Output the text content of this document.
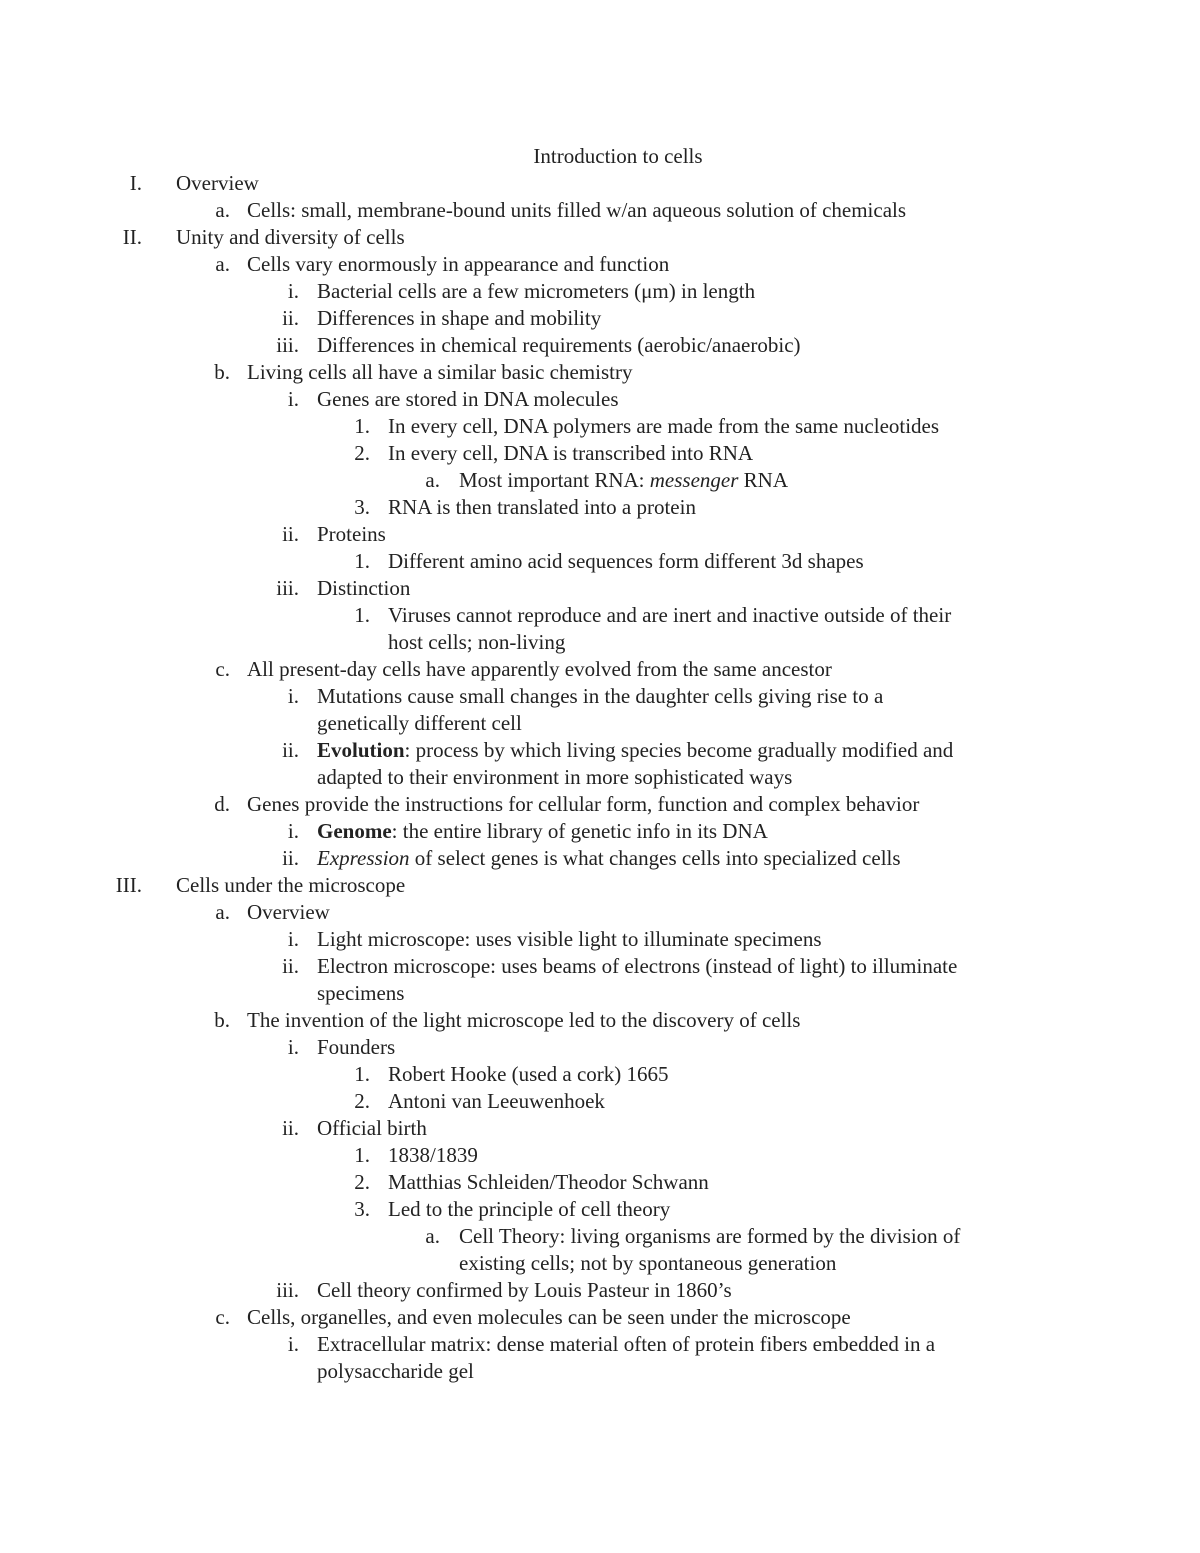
Introduction to cells
I. Overview
a. Cells: small, membrane-bound units filled w/an aqueous solution of chemicals
II. Unity and diversity of cells
a. Cells vary enormously in appearance and function
i. Bacterial cells are a few micrometers (μm) in length
ii. Differences in shape and mobility
iii. Differences in chemical requirements (aerobic/anaerobic)
b. Living cells all have a similar basic chemistry
i. Genes are stored in DNA molecules
1. In every cell, DNA polymers are made from the same nucleotides
2. In every cell, DNA is transcribed into RNA
a. Most important RNA: messenger RNA
3. RNA is then translated into a protein
ii. Proteins
1. Different amino acid sequences form different 3d shapes
iii. Distinction
1. Viruses cannot reproduce and are inert and inactive outside of their
host cells; non-living
c. All present-day cells have apparently evolved from the same ancestor
i. Mutations cause small changes in the daughter cells giving rise to a
genetically different cell
ii. Evolution: process by which living species become gradually modified and
adapted to their environment in more sophisticated ways
d. Genes provide the instructions for cellular form, function and complex behavior
i. Genome: the entire library of genetic info in its DNA
ii. Expression of select genes is what changes cells into specialized cells
III. Cells under the microscope
a. Overview
i. Light microscope: uses visible light to illuminate specimens
ii. Electron microscope: uses beams of electrons (instead of light) to illuminate
specimens
b. The invention of the light microscope led to the discovery of cells
i. Founders
1. Robert Hooke (used a cork) 1665
2. Antoni van Leeuwenhoek
ii. Official birth
1. 1838/1839
2. Matthias Schleiden/Theodor Schwann
3. Led to the principle of cell theory
a. Cell Theory: living organisms are formed by the division of
existing cells; not by spontaneous generation
iii. Cell theory confirmed by Louis Pasteur in 1860’s
c. Cells, organelles, and even molecules can be seen under the microscope
i. Extracellular matrix: dense material often of protein fibers embedded in a
polysaccharide gel
